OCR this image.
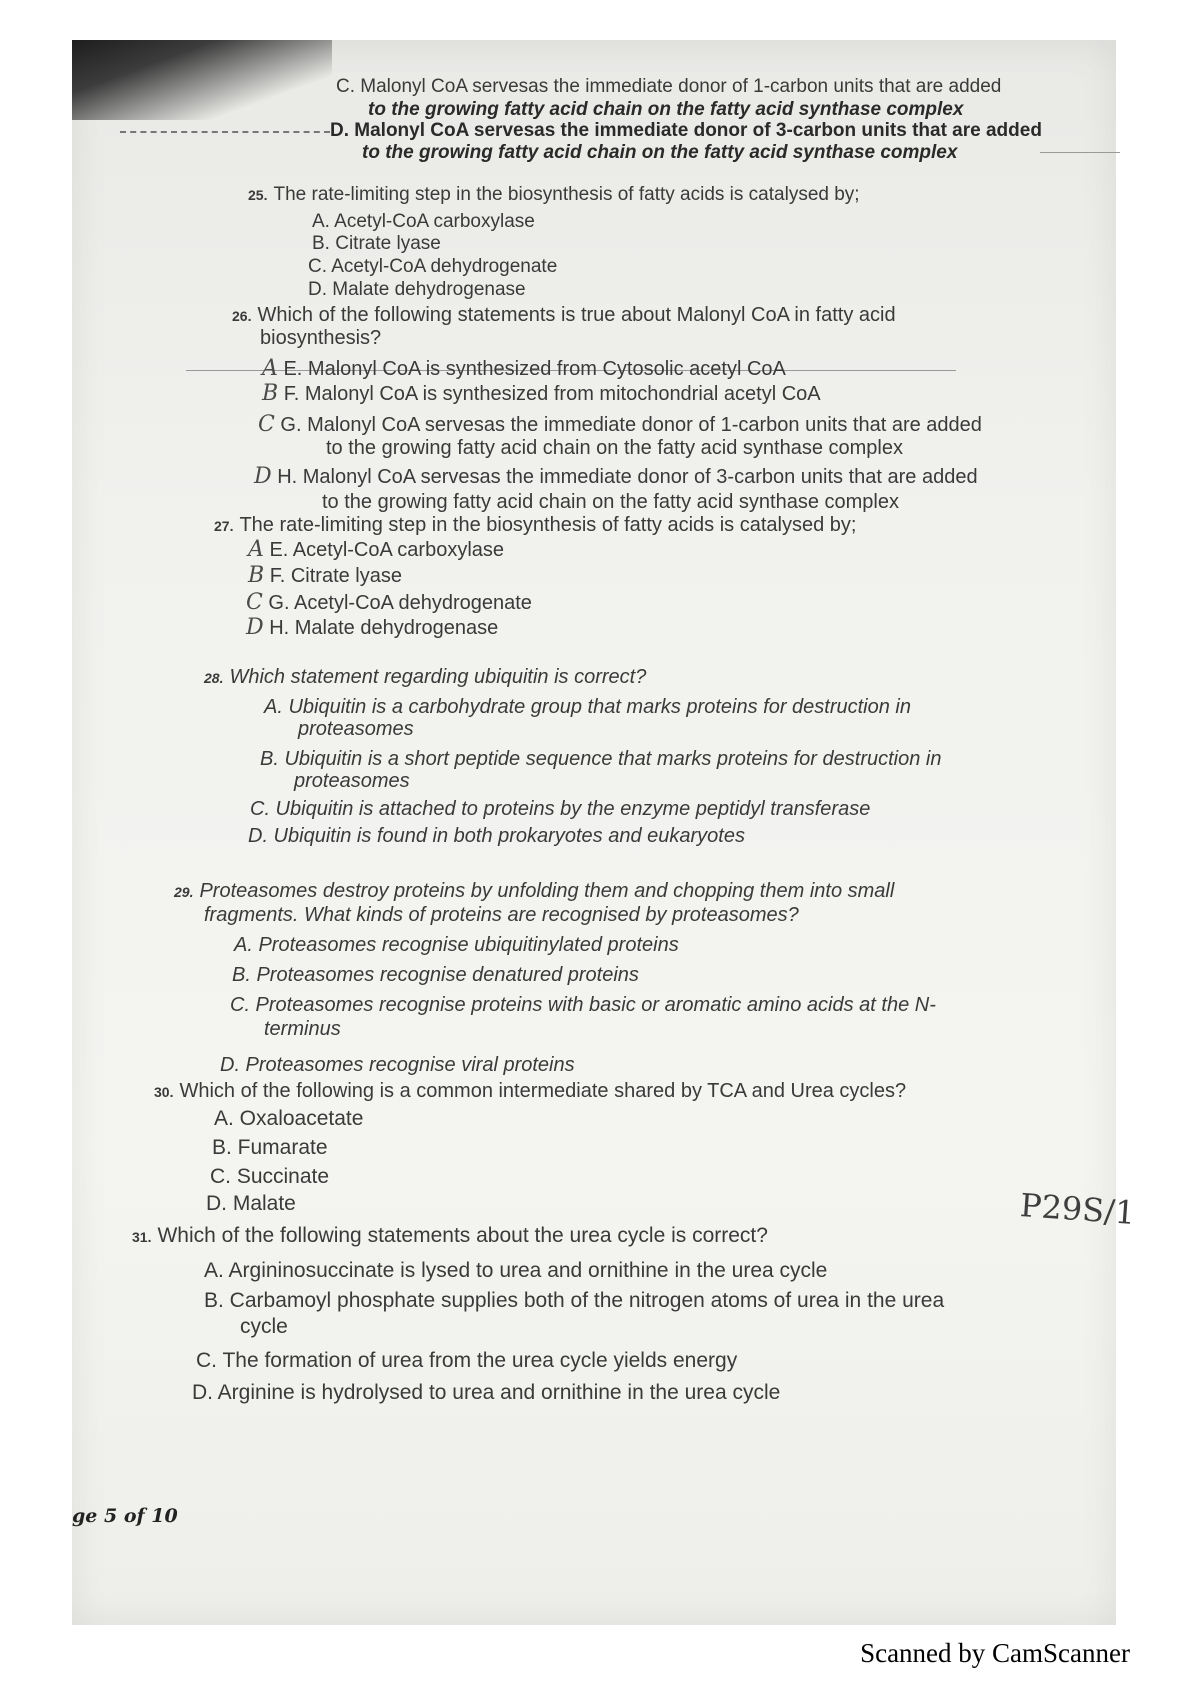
C. Malonyl CoA servesas the immediate donor of 1-carbon units that are added
to the growing fatty acid chain on the fatty acid synthase complex
D. Malonyl CoA servesas the immediate donor of 3-carbon units that are added
to the growing fatty acid chain on the fatty acid synthase complex
25. The rate-limiting step in the biosynthesis of fatty acids is catalysed by;
A. Acetyl-CoA carboxylase
B. Citrate lyase
C. Acetyl-CoA dehydrogenate
D. Malate dehydrogenase
26. Which of the following statements is true about Malonyl CoA in fatty acid
biosynthesis?
A E. Malonyl CoA is synthesized from Cytosolic acetyl CoA
B F. Malonyl CoA is synthesized from mitochondrial acetyl CoA
C G. Malonyl CoA servesas the immediate donor of 1-carbon units that are added
to the growing fatty acid chain on the fatty acid synthase complex
D H. Malonyl CoA servesas the immediate donor of 3-carbon units that are added
to the growing fatty acid chain on the fatty acid synthase complex
27. The rate-limiting step in the biosynthesis of fatty acids is catalysed by;
A E. Acetyl-CoA carboxylase
B F. Citrate lyase
C G. Acetyl-CoA dehydrogenate
D H. Malate dehydrogenase
28. Which statement regarding ubiquitin is correct?
A. Ubiquitin is a carbohydrate group that marks proteins for destruction in
proteasomes
B. Ubiquitin is a short peptide sequence that marks proteins for destruction in
proteasomes
C. Ubiquitin is attached to proteins by the enzyme peptidyl transferase
D. Ubiquitin is found in both prokaryotes and eukaryotes
29. Proteasomes destroy proteins by unfolding them and chopping them into small
fragments. What kinds of proteins are recognised by proteasomes?
A. Proteasomes recognise ubiquitinylated proteins
B. Proteasomes recognise denatured proteins
C. Proteasomes recognise proteins with basic or aromatic amino acids at the N-
terminus
D. Proteasomes recognise viral proteins
30. Which of the following is a common intermediate shared by TCA and Urea cycles?
A. Oxaloacetate
B. Fumarate
C. Succinate
D. Malate	P29S/1
31. Which of the following statements about the urea cycle is correct?
A. Argininosuccinate is lysed to urea and ornithine in the urea cycle
B. Carbamoyl phosphate supplies both of the nitrogen atoms of urea in the urea
cycle
C. The formation of urea from the urea cycle yields energy
D. Arginine is hydrolysed to urea and ornithine in the urea cycle
ge 5 of 10
Scanned by CamScanner
